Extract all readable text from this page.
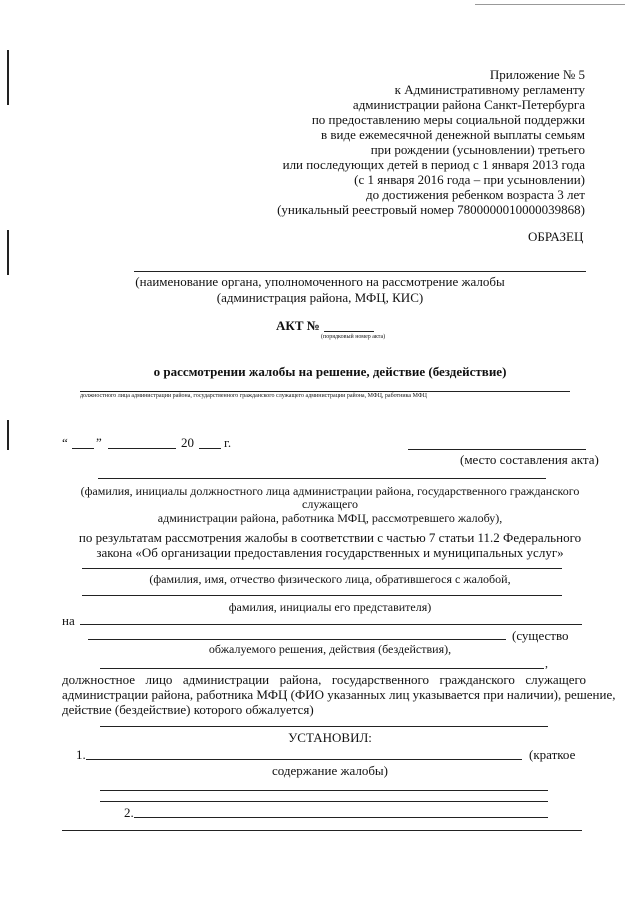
Приложение № 5
к Административному регламенту
администрации района Санкт-Петербурга
по предоставлению меры социальной поддержки
в виде ежемесячной денежной выплаты семьям
при рождении (усыновлении) третьего
или последующих детей в период с 1 января 2013 года
(с 1 января 2016 года – при усыновлении)
до достижения ребенком возраста 3 лет
(уникальный реестровый номер 7800000010000039868)
ОБРАЗЕЦ
(наименование органа, уполномоченного на рассмотрение жалобы
(администрация района, МФЦ, КИС)
АКТ №
(порядковый номер акта)
о рассмотрении жалобы на решение, действие (бездействие)
должностного лица администрации района, государственного гражданского служащего администрации района, МФЦ, работника МФЦ
“ ”	20 г.
(место составления акта)
(фамилия, инициалы должностного лица администрации района, государственного гражданского
служащего
администрации района, работника МФЦ, рассмотревшего жалобу),
по результатам рассмотрения жалобы в соответствии с частью 7 статьи 11.2 Федерального
закона «Об организации предоставления государственных и муниципальных услуг»
(фамилия, имя, отчество физического лица, обратившегося с жалобой,
фамилия, инициалы его представителя)
на
(существо
обжалуемого решения, действия (бездействия),
,
должностное лицо администрации района, государственного гражданского служащего
администрации района, работника МФЦ (ФИО указанных лиц указывается при наличии), решение,
действие (бездействие) которого обжалуется)
УСТАНОВИЛ:
1.	(краткое
содержание жалобы)
2.
